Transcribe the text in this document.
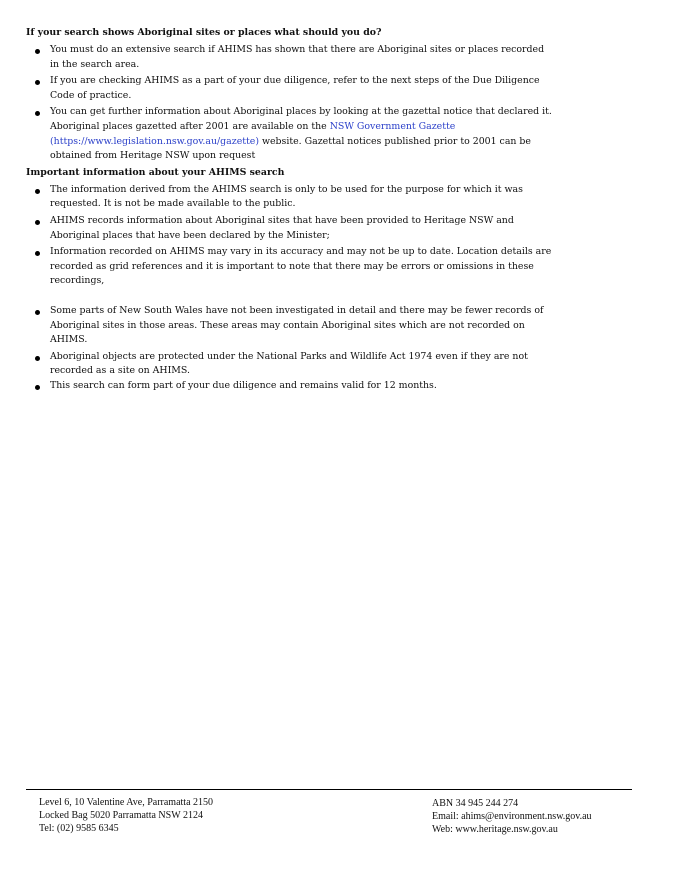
If your search shows Aboriginal sites or places what should you do?
You must do an extensive search if AHIMS has shown that there are Aboriginal sites or places recorded in the search area.
If you are checking AHIMS as a part of your due diligence, refer to the next steps of the Due Diligence Code of practice.
You can get further information about Aboriginal places by looking at the gazettal notice that declared it. Aboriginal places gazetted after 2001 are available on the NSW Government Gazette (https://www.legislation.nsw.gov.au/gazette) website. Gazettal notices published prior to 2001 can be obtained from Heritage NSW upon request
Important information about your AHIMS search
The information derived from the AHIMS search is only to be used for the purpose for which it was requested. It is not be made available to the public.
AHIMS records information about Aboriginal sites that have been provided to Heritage NSW and Aboriginal places that have been declared by the Minister;
Information recorded on AHIMS may vary in its accuracy and may not be up to date. Location details are recorded as grid references and it is important to note that there may be errors or omissions in these recordings,
Some parts of New South Wales have not been investigated in detail and there may be fewer records of Aboriginal sites in those areas. These areas may contain Aboriginal sites which are not recorded on AHIMS.
Aboriginal objects are protected under the National Parks and Wildlife Act 1974 even if they are not recorded as a site on AHIMS.
This search can form part of your due diligence and remains valid for 12 months.
Level 6, 10 Valentine Ave, Parramatta 2150
Locked Bag 5020 Parramatta NSW 2124
Tel: (02) 9585 6345
ABN 34 945 244 274
Email: ahims@environment.nsw.gov.au
Web: www.heritage.nsw.gov.au
